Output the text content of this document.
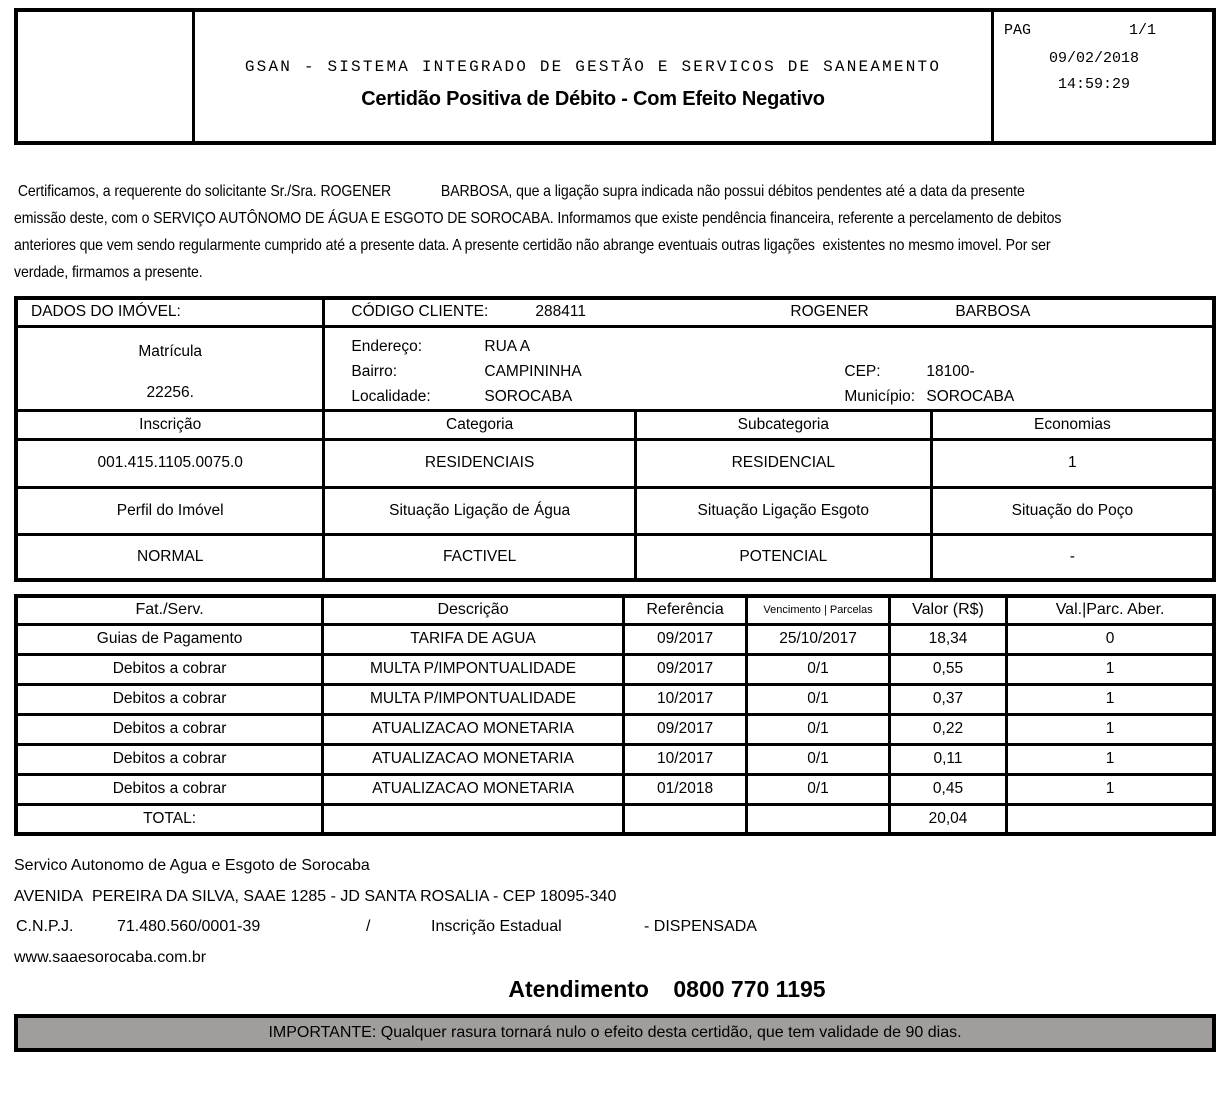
GSAN - SISTEMA INTEGRADO DE GESTÃO E SERVICOS DE SANEAMENTO
Certidão Positiva de Débito - Com Efeito Negativo
PAG	1/1
09/02/2018
14:59:29
Certificamos, a requerente do solicitante Sr./Sra. ROGENER             BARBOSA, que a ligação supra indicada não possui débitos pendentes até a data da presente
emissão deste, com o SERVIÇO AUTÔNOMO DE ÁGUA E ESGOTO DE SOROCABA. Informamos que existe pendência financeira, referente a percelamento de debitos
anteriores que vem sendo regularmente cumprido até a presente data. A presente certidão não abrange eventuais outras ligações  existentes no mesmo imovel. Por ser
verdade, firmamos a presente.
DADOS DO IMÓVEL:	CÓDIGO CLIENTE: 288411 ROGENER BARBOSA		

Matrícula
22256.

Endereço:	RUA A
Bairro:	CAMPININHA	CEP:	18100-
Localidade:	SOROCABA	Município: SOROCABA

Inscrição	Categoria	Subcategoria	Economias
001.415.1105.0075.0	RESIDENCIAIS	RESIDENCIAL	1
Perfil do Imóvel	Situação Ligação de Água	Situação Ligação Esgoto	Situação do Poço
NORMAL	FACTIVEL	POTENCIAL	-
Fat./Serv.	Descrição	Referência	Vencimento | Parcelas	Valor (R$)	Val.|Parc. Aber.
Guias de Pagamento	TARIFA DE AGUA	09/2017	25/10/2017	18,34	0
Debitos a cobrar	MULTA P/IMPONTUALIDADE	09/2017	0/1	0,55	1
Debitos a cobrar	MULTA P/IMPONTUALIDADE	10/2017	0/1	0,37	1
Debitos a cobrar	ATUALIZACAO MONETARIA	09/2017	0/1	0,22	1
Debitos a cobrar	ATUALIZACAO MONETARIA	10/2017	0/1	0,11	1
Debitos a cobrar	ATUALIZACAO MONETARIA	01/2018	0/1	0,45	1
TOTAL:				20,04	
Servico Autonomo de Agua e Esgoto de Sorocaba
AVENIDA  PEREIRA DA SILVA, SAAE 1285 - JD SANTA ROSALIA - CEP 18095-340
C.N.P.J.	71.480.560/0001-39	/	Inscrição Estadual	- DISPENSADA
www.saaesorocaba.com.br
Atendimento 0800 770 1195
IMPORTANTE: Qualquer rasura tornará nulo o efeito desta certidão, que tem validade de 90 dias.
